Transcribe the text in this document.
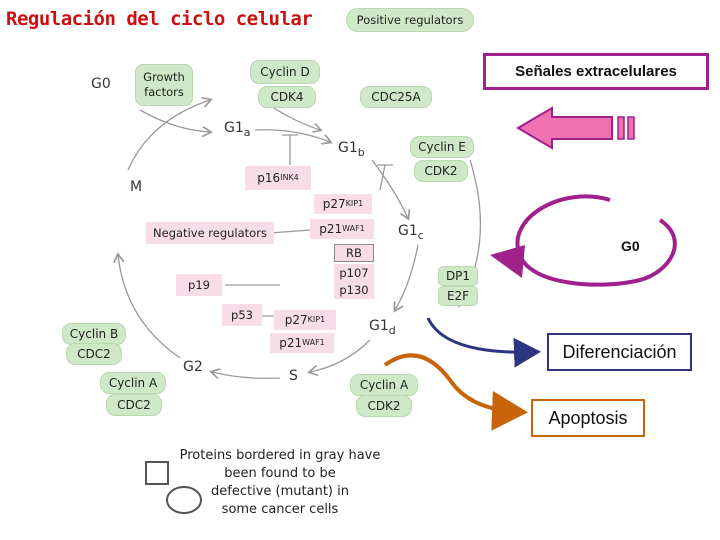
Regulación del ciclo celular	Positive regulators
Growth
factors
G0
$G1_a$
$G1_b$
$G1_c$
$G1_d$
M
G2
S
Cyclin D
CDK4	CDC25A
Cyclin E
CDK2
Cyclin B
CDC2
Cyclin A
CDC2
Cyclin A
CDK2
DP1
E2F
Negative regulators
$p16^{INK4}$
$p27^{KIP1}$
$p21^{WAF1}$
RB
p107
p130
p19
p53	$p27^{KIP1}$
$p21^{WAF1}$
Señales extracelulares
G0
Diferenciación
Apoptosis
Proteins bordered in gray have
been found to be
defective (mutant) in
some cancer cells
